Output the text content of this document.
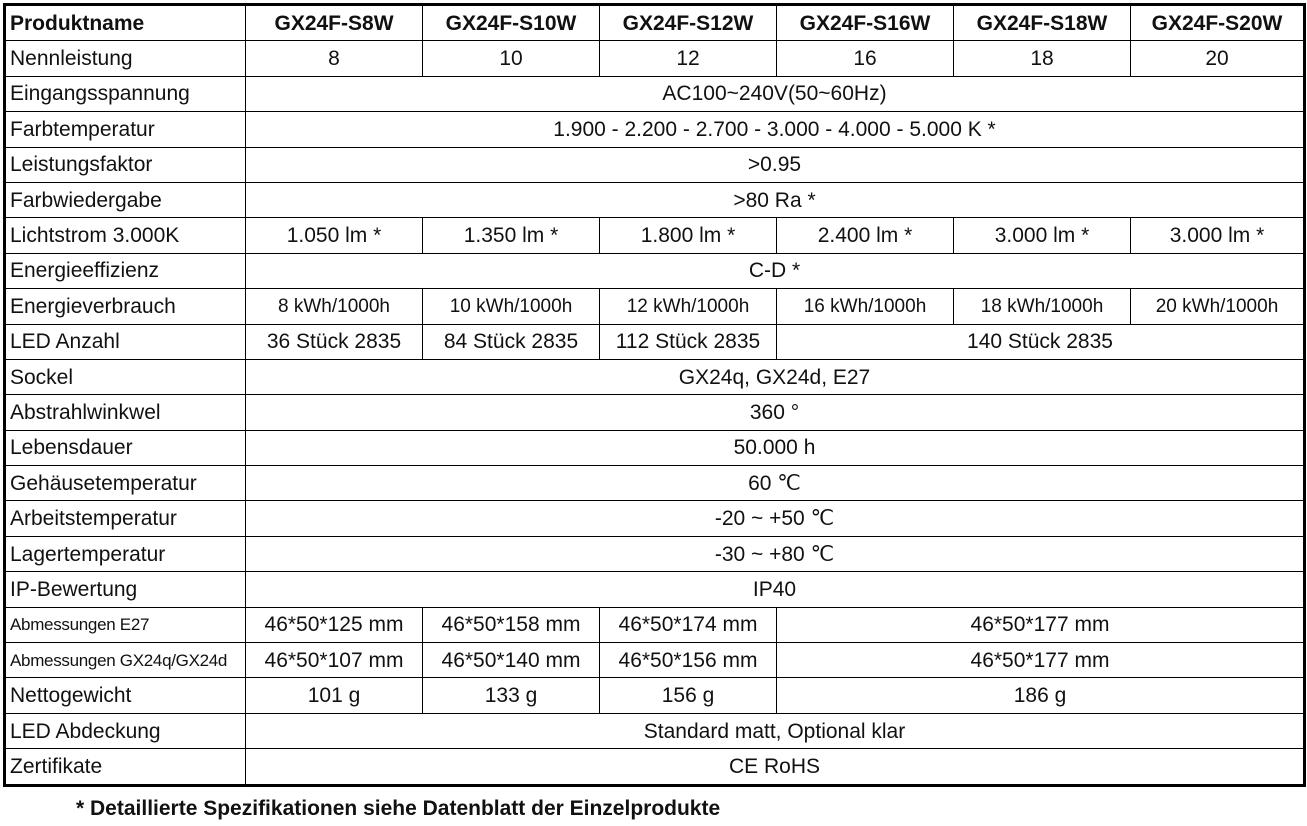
Produktname	GX24F-S8W	GX24F-S10W	GX24F-S12W	GX24F-S16W	GX24F-S18W	GX24F-S20W
Nennleistung	8	10	12	16	18	20
Eingangsspannung	AC100~240V(50~60Hz)					
Farbtemperatur	1.900 - 2.200 - 2.700 - 3.000 - 4.000 - 5.000 K *					
Leistungsfaktor	>0.95					
Farbwiedergabe	>80 Ra *					
Lichtstrom 3.000K	1.050 lm *	1.350 lm *	1.800 lm *	2.400 lm *	3.000 lm *	3.000 lm *
Energieeffizienz	C-D *					
Energieverbrauch	8 kWh/1000h	10 kWh/1000h	12 kWh/1000h	16 kWh/1000h	18 kWh/1000h	20 kWh/1000h
LED Anzahl	36 Stück 2835	84 Stück 2835	112 Stück 2835	140 Stück 2835		
Sockel	GX24q, GX24d, E27					
Abstrahlwinkwel	360 °					
Lebensdauer	50.000 h					
Gehäusetemperatur	60 ℃					
Arbeitstemperatur	-20 ~ +50 ℃					
Lagertemperatur	-30 ~ +80 ℃					
IP-Bewertung	IP40					
Abmessungen E27	46*50*125 mm	46*50*158 mm	46*50*174 mm	46*50*177 mm		
Abmessungen GX24q/GX24d	46*50*107 mm	46*50*140 mm	46*50*156 mm	46*50*177 mm		
Nettogewicht	101 g	133 g	156 g	186 g		
LED Abdeckung	Standard matt, Optional klar					
Zertifikate	CE RoHS					
* Detaillierte Spezifikationen siehe Datenblatt der Einzelprodukte
